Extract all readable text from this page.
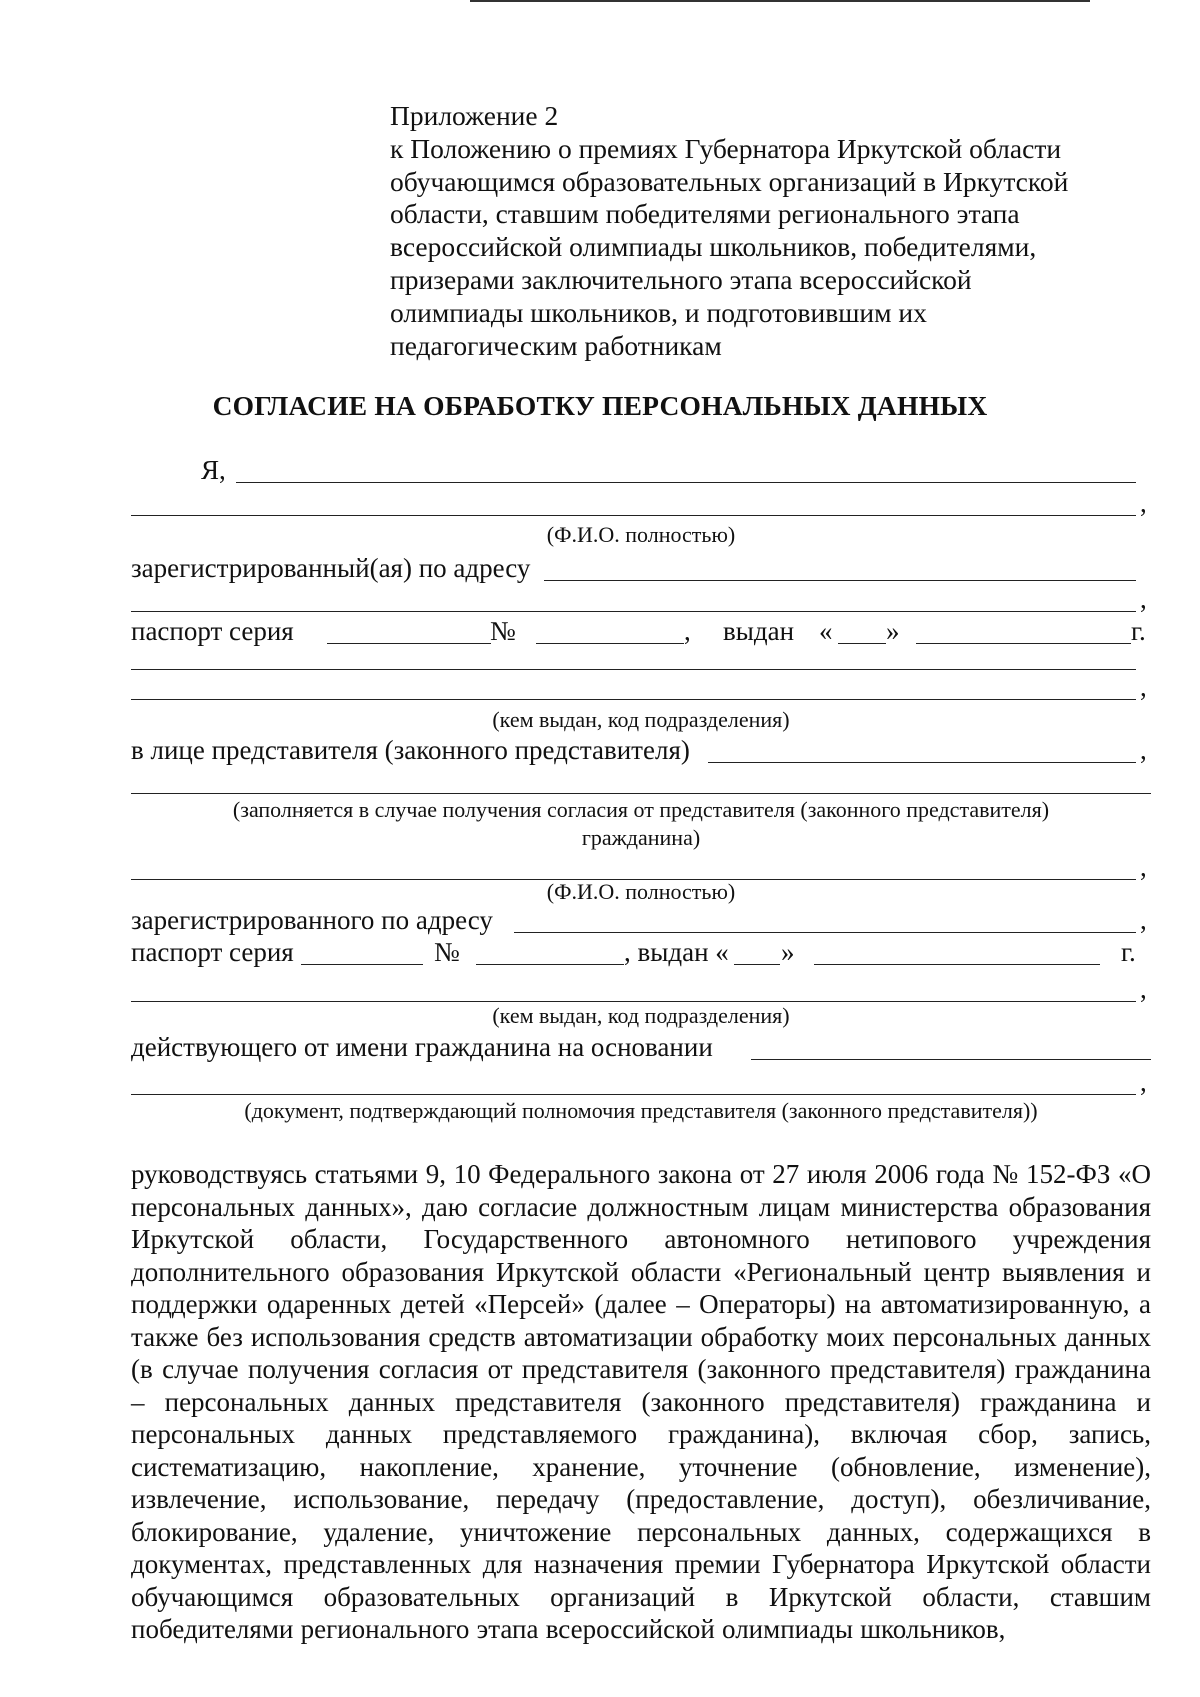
Приложение 2
к Положению о премиях Губернатора Иркутской области
обучающимся образовательных организаций в Иркутской
области, ставшим победителями регионального этапа
всероссийской олимпиады школьников, победителями,
призерами заключительного этапа всероссийской
олимпиады школьников, и подготовившим их
педагогическим работникам
СОГЛАСИЕ НА ОБРАБОТКУ ПЕРСОНАЛЬНЫХ ДАННЫХ
Я,
,
(Ф.И.О. полностью)
зарегистрированный(ая) по адресу
,
паспорт серия	№	, выдан « »	г.
,
(кем выдан, код подразделения)
в лице представителя (законного представителя)	,
(заполняется в случае получения согласия от представителя (законного представителя)
гражданина)
,
(Ф.И.О. полностью)
зарегистрированного по адресу	,
паспорт серия	№	, выдан « »	г.
,
(кем выдан, код подразделения)
действующего от имени гражданина на основании
,
(документ, подтверждающий полномочия представителя (законного представителя))
руководствуясь статьями 9, 10 Федерального закона от 27 июля 2006 года № 152-ФЗ «О персональных данных», даю согласие должностным лицам министерства образования Иркутской области, Государственного автономного нетипового учреждения дополнительного образования Иркутской области «Региональный центр выявления и поддержки одаренных детей «Персей» (далее – Операторы) на автоматизированную, а также без использования средств автоматизации обработку моих персональных данных (в случае получения согласия от представителя (законного представителя) гражданина – персональных данных представителя (законного представителя) гражданина и персональных данных представляемого гражданина), включая сбор, запись, систематизацию, накопление, хранение, уточнение (обновление, изменение), извлечение, использование, передачу (предоставление, доступ), обезличивание, блокирование, удаление, уничтожение персональных данных, содержащихся в документах, представленных для назначения премии Губернатора Иркутской области обучающимся образовательных организаций в Иркутской области, ставшим победителями регионального этапа всероссийской олимпиады школьников,
